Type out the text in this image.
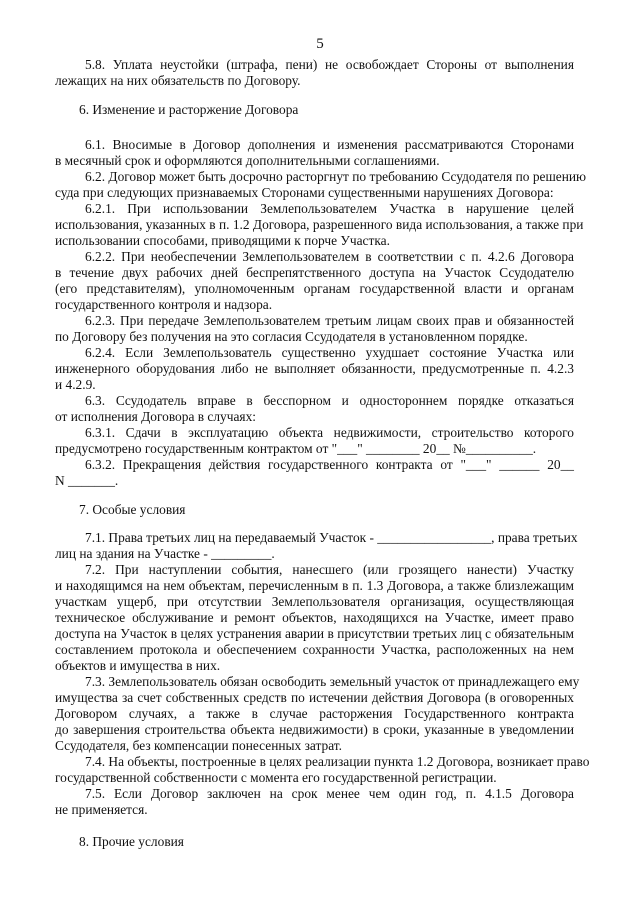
5
5.8. Уплата неустойки (штрафа, пени) не освобождает Стороны от выполнения
лежащих на них обязательств по Договору.
6. Изменение и расторжение Договора
6.1. Вносимые в Договор дополнения и изменения рассматриваются Сторонами
в месячный срок и оформляются дополнительными соглашениями.
6.2. Договор может быть досрочно расторгнут по требованию Ссудодателя по решению
суда при следующих признаваемых Сторонами существенными нарушениях Договора:
6.2.1. При использовании Землепользователем Участка в нарушение целей
использования, указанных в п. 1.2 Договора, разрешенного вида использования, а также при
использовании способами, приводящими к порче Участка.
6.2.2. При необеспечении Землепользователем в соответствии с п. 4.2.6 Договора
в течение двух рабочих дней беспрепятственного доступа на Участок Ссудодателю
(его представителям), уполномоченным органам государственной власти и органам
государственного контроля и надзора.
6.2.3. При передаче Землепользователем третьим лицам своих прав и обязанностей
по Договору без получения на это согласия Ссудодателя в установленном порядке.
6.2.4. Если Землепользователь существенно ухудшает состояние Участка или
инженерного оборудования либо не выполняет обязанности, предусмотренные п. 4.2.3
и 4.2.9.
6.3. Ссудодатель вправе в бесспорном и одностороннем порядке отказаться
от исполнения Договора в случаях:
6.3.1. Сдачи в эксплуатацию объекта недвижимости, строительство которого
предусмотрено государственным контрактом от "___" ________ 20__ №__________.
6.3.2. Прекращения действия государственного контракта от "___" ______ 20__
N _______.
7. Особые условия
7.1. Права третьих лиц на передаваемый Участок - _________________, права третьих
лиц на здания на Участке - _________.
7.2. При наступлении события, нанесшего (или грозящего нанести) Участку
и находящимся на нем объектам, перечисленным в п. 1.3 Договора, а также близлежащим
участкам ущерб, при отсутствии Землепользователя организация, осуществляющая
техническое обслуживание и ремонт объектов, находящихся на Участке, имеет право
доступа на Участок в целях устранения аварии в присутствии третьих лиц с обязательным
составлением протокола и обеспечением сохранности Участка, расположенных на нем
объектов и имущества в них.
7.3. Землепользователь обязан освободить земельный участок от принадлежащего ему
имущества за счет собственных средств по истечении действия Договора (в оговоренных
Договором случаях, а также в случае расторжения Государственного контракта
до завершения строительства объекта недвижимости) в сроки, указанные в уведомлении
Ссудодателя, без компенсации понесенных затрат.
7.4. На объекты, построенные в целях реализации пункта 1.2 Договора, возникает право
государственной собственности с момента его государственной регистрации.
7.5. Если Договор заключен на срок менее чем один год, п. 4.1.5 Договора
не применяется.
8. Прочие условия
